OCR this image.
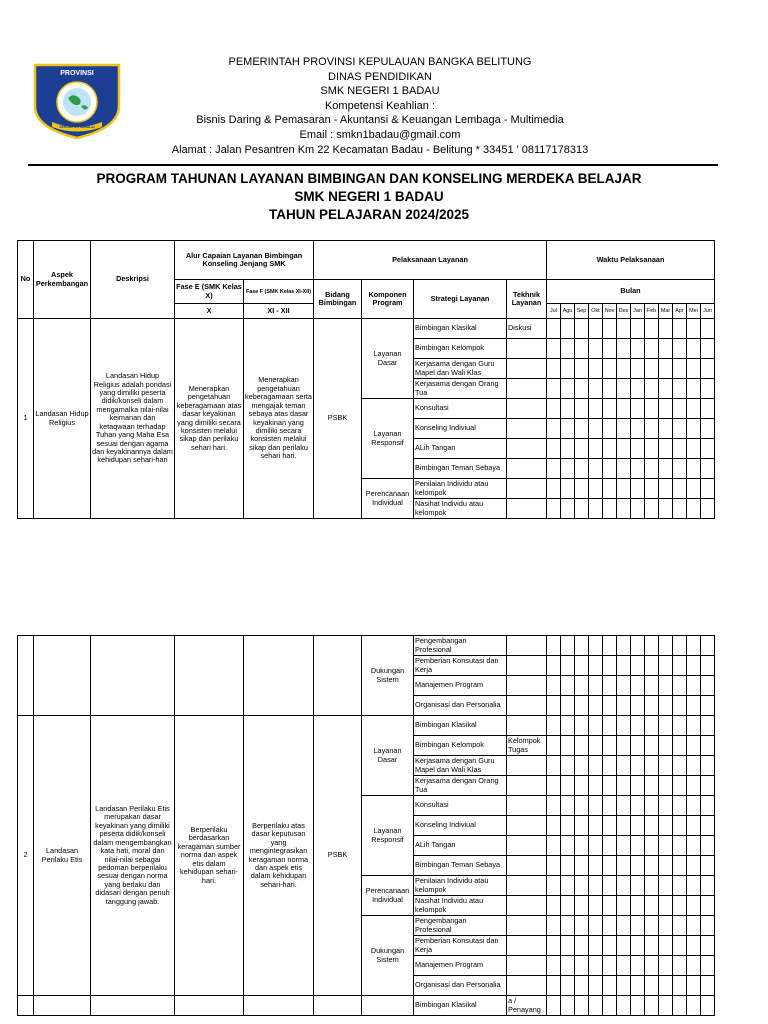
PROVINSI
SERUMPUN SEBALAI
PEMERINTAH PROVINSI KEPULAUAN BANGKA BELITUNG
DINAS PENDIDIKAN
SMK NEGERI 1 BADAU
Kompetensi Keahlian :
Bisnis Daring & Pemasaran - Akuntansi & Keuangan Lembaga - Multimedia
Email : smkn1badau@gmail.com
Alamat : Jalan Pesantren Km 22 Kecamatan Badau - Belitung * 33451 ' 08117178313
PROGRAM TAHUNAN LAYANAN BIMBINGAN DAN KONSELING MERDEKA BELAJAR
SMK NEGERI 1 BADAU
TAHUN PELAJARAN 2024/2025
No	Aspek Perkembangan	Deskripsi	Alur Capaian Layanan Bimbingan Konseling Jenjang SMK		Pelaksanaan Layanan				Waktu Pelaksanaan											
			Fase E (SMK Kelas X)	Fase F (SMK Kelas XI-XII)	Bidang Bimbingan	Komponen Program	Strategi Layanan	Tekhnik Layanan	Bulan											
			X	XI - XII					Jul	Agu	Sep	Okt	Nov	Des	Jan	Feb	Mar	Apr	Mei	Jun
1	Landasan Hidup Religius	Landasan Hidup Religius adalah pondasi yang dimiliki peserta didik/konseli dalam mengamalka nilai-nilai keimanan dan ketaqwaan terhadap Tuhan yang Maha Esa sesuai dengan agama dan keyakinannya dalam kehidupan sehari-hari	Menerapkan pengetahuan keberagamaan atas dasar keyakinan yang dimiliki secara konsisten melalui sikap dan perilaku sehari hari.	Menerapkan pengetahuan keberagamaan serta mengajak teman sebaya atas dasar keyakinan yang dimiliki secara konsisten melalui sikap dan perilaku sehari hari.	PSBK	Layanan Dasar	Bimbingan Klasikal	Diskusi												
							Bimbingan Kelompok													
							Kerjasama dengan Guru Mapel dan Wali Klas													
							Kerjasama dengan Orang Tua													
						Layanan Responsif	Konsultasi													
							Konseling Indiviual													
							ALih Tangan													
							Bimbingan Teman Sebaya													
						Perencanaan Individual	Penilaian Individu atau kelompok													
							Nasihat Individu atau kelompok													
						Dukungan Sistem	Pengembangan Profesional													
							Pemberian Konsutasi dan Kerja													
							Manajemen Program													
							Organisasi dan Personalia													
2	Landasan Perilaku Etis	Landasan Perilaku Etis merupakan dasar keyakinan yang dimiliki peserta didik/konseli dalam mengembangkan kata hati, moral dan nilai-nilai sebagai pedoman berperilaku sesuai dengan norma yang berlaku dan didasari dengan penuh tanggung jawab.	Berperilaku berdasarkan keragaman sumber norma dan aspek etis dalam kehidupan sehari-hari.	Berperilaku atas dasar keputusan yang mengintegrasikan keragaman norma dan aspek etis dalam kehidupan sehari-hari.	PSBK	Layanan Dasar	Bimbingan Klasikal													
							Bimbingan Kelompok	Kelompok Tugas												
							Kerjasama dengan Guru Mapel dan Wali Klas													
							Kerjasama dengan Orang Tua													
						Layanan Responsif	Konsultasi													
							Konseling Indiviual													
							ALih Tangan													
							Bimbingan Teman Sebaya													
						Perencanaan Individual	Penilaian Individu atau kelompok													
							Nasihat Individu atau kelompok													
						Dukungan Sistem	Pengembangan Profesional													
							Pemberian Konsutasi dan Kerja													
							Manajemen Program													
							Organisasi dan Personalia													
							Bimbingan Klasikal	a / Penayang												
